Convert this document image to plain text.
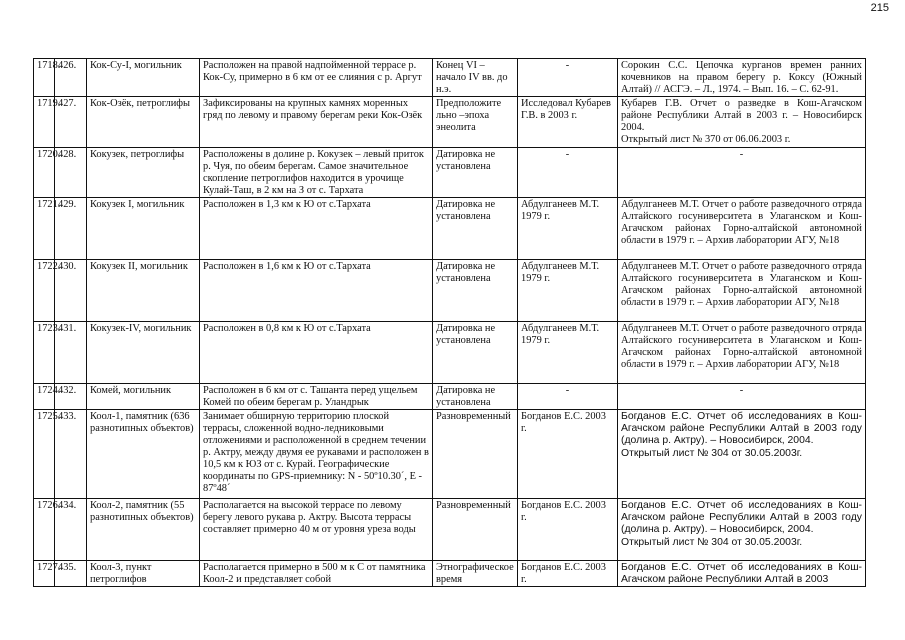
215
1718.	426.	Кок-Су-I, могильник	Расположен на правой надпойменной террасе р. Кок-Су, примерно в 6 км от ее слияния с р. Аргут	Конец VI – начало IV вв. до н.э.	-	Сорокин С.С. Цепочка курганов времен ранних кочевников на правом берегу р. Коксу (Южный Алтай) // АСГЭ. – Л., 1974. – Вып. 16. – С. 62-91.

1719.	427.	Кок-Озёк, петроглифы	Зафиксированы на крупных камнях моренных гряд по левому и правому берегам реки Кок-Озёк	Предположите льно –эпоха энеолита	Исследовал Кубарев Г.В. в 2003 г.	Кубарев Г.В. Отчет о разведке в Кош-Агачском районе Республики Алтай в 2003 г. – Новосибирск 2004.
Открытый лист № 370 от 06.06.2003 г.

1720.	428.	Кокузек, петроглифы	Расположены в долине р. Кокузек – левый приток р. Чуя, по обеим берегам. Самое значительное скопление петроглифов находится в урочище Кулай-Таш, в 2 км на З от с. Тархата	Датировка не установлена	-	-
1721.	429.	Кокузек I, могильник	Расположен в 1,3 км к Ю от с.Тархата	Датировка не установлена	Абдулганеев М.Т. 1979 г.	Абдулганеев М.Т. Отчет о работе разведочного отряда Алтайского госуниверситета в Улаганском и Кош-Агачском районах Горно-алтайской автономной области в 1979 г. – Архив лаборатории АГУ, №18

1722.	430.	Кокузек II, могильник	Расположен в 1,6 км к Ю от с.Тархата	Датировка не установлена	Абдулганеев М.Т. 1979 г.	Абдулганеев М.Т. Отчет о работе разведочного отряда Алтайского госуниверситета в Улаганском и Кош-Агачском районах Горно-алтайской автономной области в 1979 г. – Архив лаборатории АГУ, №18

1723.	431.	Кокузек-IV, могильник	Расположен в 0,8 км к Ю от с.Тархата	Датировка не установлена	Абдулганеев М.Т. 1979 г.	Абдулганеев М.Т. Отчет о работе разведочного отряда Алтайского госуниверситета в Улаганском и Кош-Агачском районах Горно-алтайской автономной области в 1979 г. – Архив лаборатории АГУ, №18

1724.	432.	Комей, могильник	Расположен в 6 км от с. Ташанта перед ущельем Комей по обеим берегам р. Уландрык	Датировка не установлена	-	-
1725.	433.	Коол-1, памятник (636 разнотипных объектов)	Занимает обширную территорию плоской террасы, сложенной водно-ледниковыми отложениями и расположенной в среднем течении р. Актру, между двумя ее рукавами и расположен в 10,5 км к ЮЗ от с. Курай. Географические координаты по GPS-приемнику: N - 50º10.30´, E - 87º48´	Разновременный	Богданов Е.С. 2003 г.	Богданов Е.С. Отчет об исследованиях в Кош-Агачском районе Республики Алтай в 2003 году (долина р. Актру). – Новосибирск, 2004.
Открытый лист № 304 от 30.05.2003г.

1726.	434.	Коол-2, памятник (55 разнотипных объектов)	Располагается на высокой террасе по левому берегу левого рукава р. Актру. Высота террасы составляет примерно 40 м от уровня уреза воды	Разновременный	Богданов Е.С. 2003 г.	Богданов Е.С. Отчет об исследованиях в Кош-Агачском районе Республики Алтай в 2003 году (долина р. Актру). – Новосибирск, 2004.
Открытый лист № 304 от 30.05.2003г.

1727.	435.	Коол-3, пункт петроглифов	Располагается примерно в 500 м к С от памятника Коол-2 и представляет собой	Этнографическое время	Богданов Е.С. 2003 г.	Богданов Е.С. Отчет об исследованиях в Кош-Агачском районе Республики Алтай в 2003
